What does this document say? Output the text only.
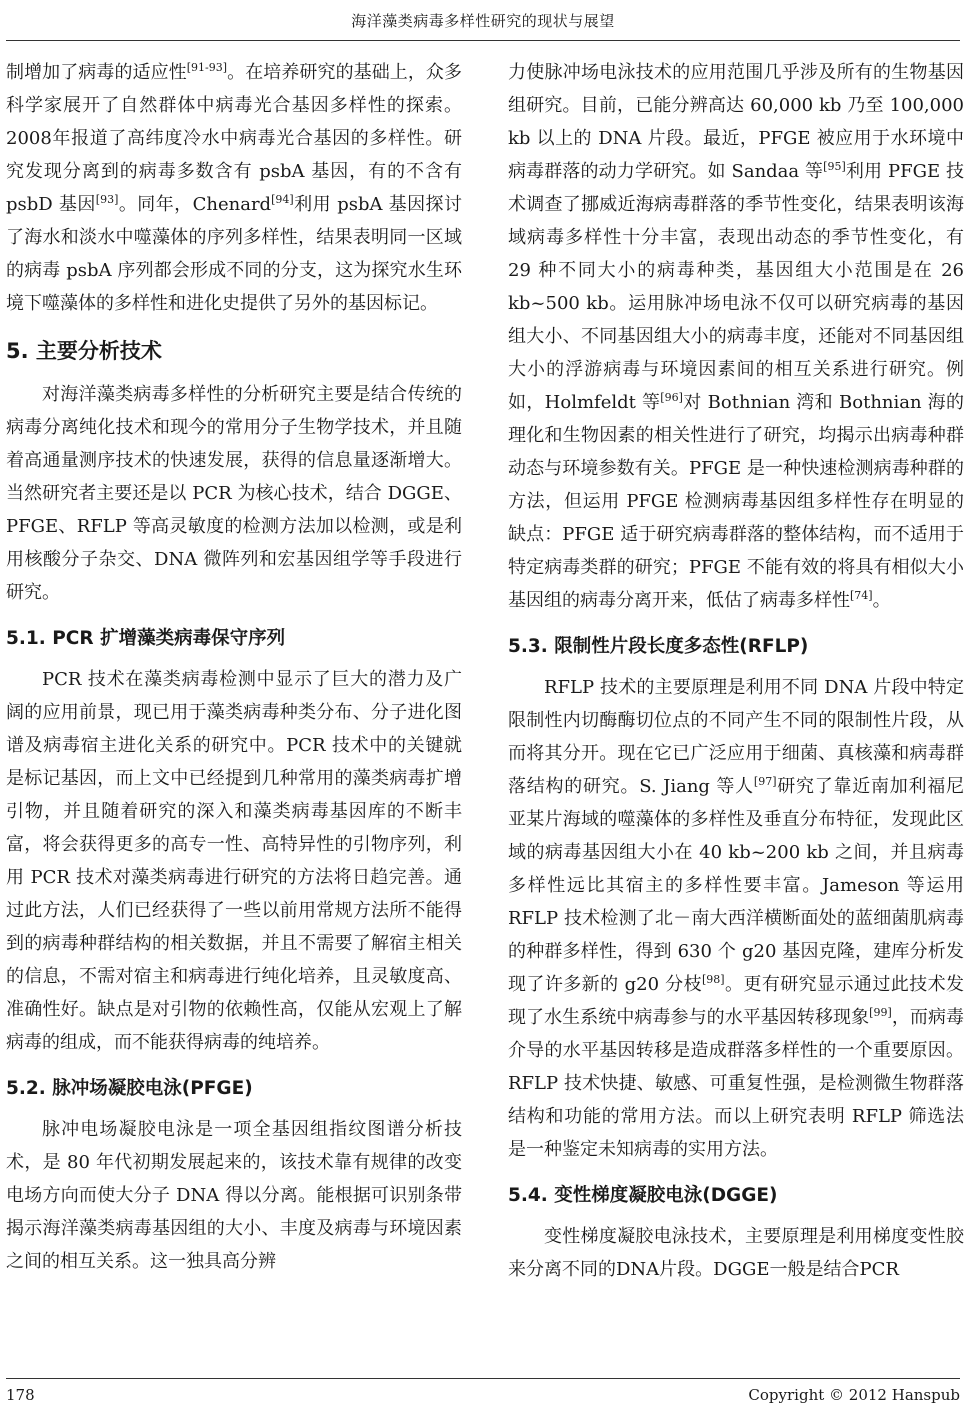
海洋藻类病毒多样性研究的现状与展望

制增加了病毒的适应性[91-93]。在培养研究的基础上，众多科学家展开了自然群体中病毒光合基因多样性的探索。2008年报道了高纬度冷水中病毒光合基因的多样性。研究发现分离到的病毒多数含有 psbA 基因，有的不含有 psbD 基因[93]。同年，Chenard[94]利用 psbA 基因探讨了海水和淡水中噬藻体的序列多样性，结果表明同一区域的病毒 psbA 序列都会形成不同的分支，这为探究水生环境下噬藻体的多样性和进化史提供了另外的基因标记。

5. 主要分析技术

对海洋藻类病毒多样性的分析研究主要是结合传统的病毒分离纯化技术和现今的常用分子生物学技术，并且随着高通量测序技术的快速发展，获得的信息量逐渐增大。当然研究者主要还是以 PCR 为核心技术，结合 DGGE、PFGE、RFLP 等高灵敏度的检测方法加以检测，或是利用核酸分子杂交、DNA 微阵列和宏基因组学等手段进行研究。

5.1. PCR 扩增藻类病毒保守序列

PCR 技术在藻类病毒检测中显示了巨大的潜力及广阔的应用前景，现已用于藻类病毒种类分布、分子进化图谱及病毒宿主进化关系的研究中。PCR 技术中的关键就是标记基因，而上文中已经提到几种常用的藻类病毒扩增引物，并且随着研究的深入和藻类病毒基因库的不断丰富，将会获得更多的高专一性、高特异性的引物序列，利用 PCR 技术对藻类病毒进行研究的方法将日趋完善。通过此方法，人们已经获得了一些以前用常规方法所不能得到的病毒种群结构的相关数据，并且不需要了解宿主相关的信息，不需对宿主和病毒进行纯化培养，且灵敏度高、准确性好。缺点是对引物的依赖性高，仅能从宏观上了解病毒的组成，而不能获得病毒的纯培养。

5.2. 脉冲场凝胶电泳(PFGE)

脉冲电场凝胶电泳是一项全基因组指纹图谱分析技术，是 80 年代初期发展起来的，该技术靠有规律的改变电场方向而使大分子 DNA 得以分离。能根据可识别条带揭示海洋藻类病毒基因组的大小、丰度及病毒与环境因素之间的相互关系。这一独具高分辨

力使脉冲场电泳技术的应用范围几乎涉及所有的生物基因组研究。目前，已能分辨高达 60,000 kb 乃至 100,000 kb 以上的 DNA 片段。最近，PFGE 被应用于水环境中病毒群落的动力学研究。如 Sandaa 等[95]利用 PFGE 技术调查了挪威近海病毒群落的季节性变化，结果表明该海域病毒多样性十分丰富，表现出动态的季节性变化，有 29 种不同大小的病毒种类，基因组大小范围是在 26 kb~500 kb。运用脉冲场电泳不仅可以研究病毒的基因组大小、不同基因组大小的病毒丰度，还能对不同基因组大小的浮游病毒与环境因素间的相互关系进行研究。例如，Holmfeldt 等[96]对 Bothnian 湾和 Bothnian 海的理化和生物因素的相关性进行了研究，均揭示出病毒种群动态与环境参数有关。PFGE 是一种快速检测病毒种群的方法，但运用 PFGE 检测病毒基因组多样性存在明显的缺点：PFGE 适于研究病毒群落的整体结构，而不适用于特定病毒类群的研究；PFGE 不能有效的将具有相似大小基因组的病毒分离开来，低估了病毒多样性[74]。

5.3. 限制性片段长度多态性(RFLP)

RFLP 技术的主要原理是利用不同 DNA 片段中特定限制性内切酶酶切位点的不同产生不同的限制性片段，从而将其分开。现在它已广泛应用于细菌、真核藻和病毒群落结构的研究。S. Jiang 等人[97]研究了靠近南加利福尼亚某片海域的噬藻体的多样性及垂直分布特征，发现此区域的病毒基因组大小在 40 kb~200 kb 之间，并且病毒多样性远比其宿主的多样性要丰富。Jameson 等运用 RFLP 技术检测了北－南大西洋横断面处的蓝细菌肌病毒的种群多样性，得到 630 个 g20 基因克隆，建库分析发现了许多新的 g20 分枝[98]。更有研究显示通过此技术发现了水生系统中病毒参与的水平基因转移现象[99]，而病毒介导的水平基因转移是造成群落多样性的一个重要原因。RFLP 技术快捷、敏感、可重复性强，是检测微生物群落结构和功能的常用方法。而以上研究表明 RFLP 筛选法是一种鉴定未知病毒的实用方法。

5.4. 变性梯度凝胶电泳(DGGE)

变性梯度凝胶电泳技术，主要原理是利用梯度变性胶来分离不同的DNA片段。DGGE一般是结合PCR

178	Copyright © 2012 Hanspub
